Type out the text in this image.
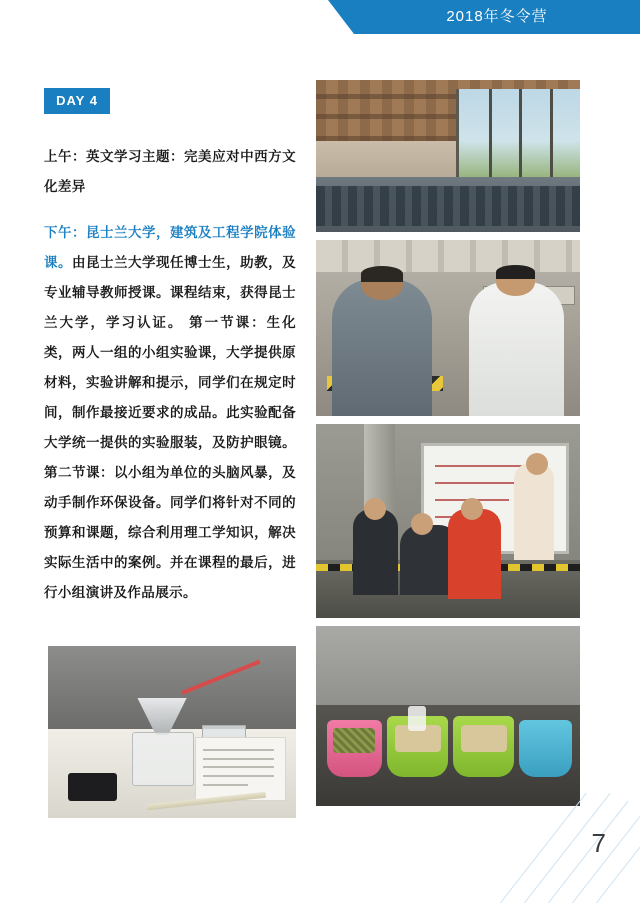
2018年冬令营
DAY 4

上午：英文学习主题：完美应对中西方文化差异

下午：昆士兰大学，建筑及工程学院体验课。由昆士兰大学现任博士生，助教，及专业辅导教师授课。课程结束，获得昆士兰大学，学习认证。 第一节课：生化类，两人一组的小组实验课，大学提供原材料，实验讲解和提示，同学们在规定时间，制作最接近要求的成品。此实验配备大学统一提供的实验服装，及防护眼镜。 第二节课：以小组为单位的头脑风暴，及动手制作环保设备。同学们将针对不同的预算和课题，综合利用理工学知识，解决实际生活中的案例。并在课程的最后，进行小组演讲及作品展示。

7
